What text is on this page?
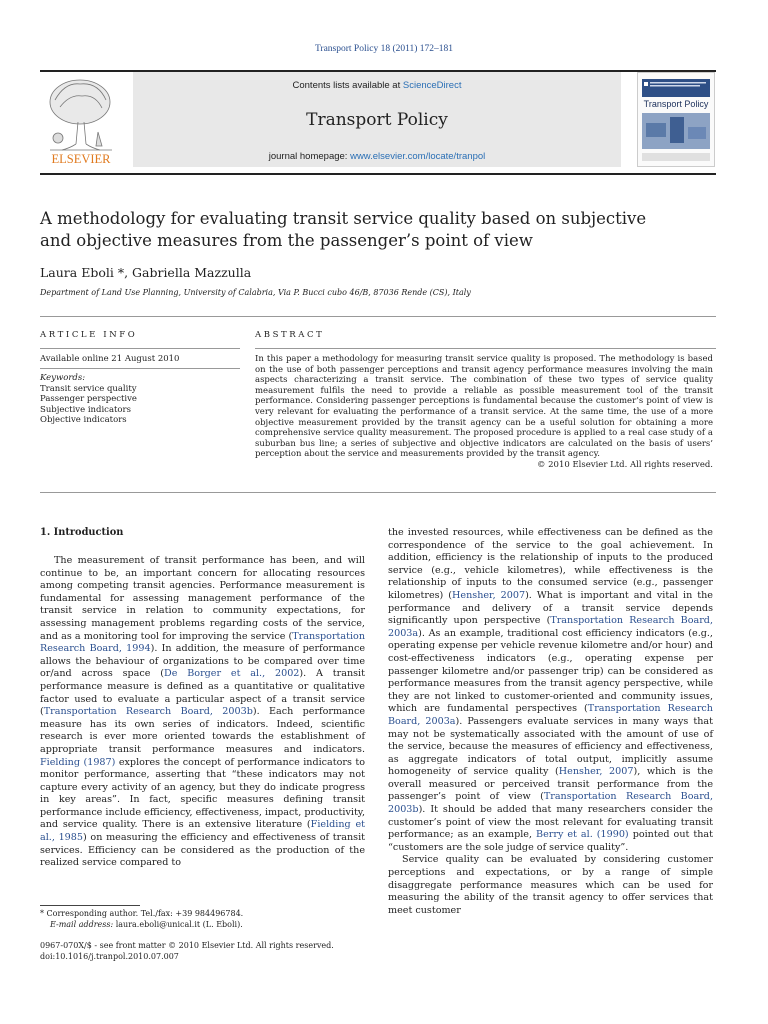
Transport Policy 18 (2011) 172–181
ELSEVIER
Contents lists available at ScienceDirect
Transport Policy
journal homepage: www.elsevier.com/locate/tranpol
Transport Policy
A methodology for evaluating transit service quality based on subjective
and objective measures from the passenger’s point of view
Laura Eboli *, Gabriella Mazzulla
Department of Land Use Planning, University of Calabria, Via P. Bucci cubo 46/B, 87036 Rende (CS), Italy
ARTICLE INFO
Available online 21 August 2010
Keywords:
Transit service quality
Passenger perspective
Subjective indicators
Objective indicators
ABSTRACT
In this paper a methodology for measuring transit service quality is proposed. The methodology is based on the use of both passenger perceptions and transit agency performance measures involving the main aspects characterizing a transit service. The combination of these two types of service quality measurement fulfils the need to provide a reliable as possible measurement tool of the transit performance. Considering passenger perceptions is fundamental because the customer’s point of view is very relevant for evaluating the performance of a transit service. At the same time, the use of a more objective measurement provided by the transit agency can be a useful solution for obtaining a more comprehensive service quality measurement. The proposed procedure is applied to a real case study of a suburban bus line; a series of subjective and objective indicators are calculated on the basis of users’ perception about the service and measurements provided by the transit agency.
© 2010 Elsevier Ltd. All rights reserved.
1. Introduction

The measurement of transit performance has been, and will continue to be, an important concern for allocating resources among competing transit agencies. Performance measurement is fundamental for assessing management performance of the transit service in relation to community expectations, for assessing management problems regarding costs of the service, and as a monitoring tool for improving the service (Transportation Research Board, 1994). In addition, the measure of performance allows the behaviour of organizations to be compared over time or/and across space (De Borger et al., 2002). A transit performance measure is defined as a quantitative or qualitative factor used to evaluate a particular aspect of a transit service (Transportation Research Board, 2003b). Each performance measure has its own series of indicators. Indeed, scientific research is ever more oriented towards the establishment of appropriate transit performance measures and indicators. Fielding (1987) explores the concept of performance indicators to monitor performance, asserting that “these indicators may not capture every activity of an agency, but they do indicate progress in key areas”. In fact, specific measures defining transit performance include efficiency, effectiveness, impact, productivity, and service quality. There is an extensive literature (Fielding et al., 1985) on measuring the efficiency and effectiveness of transit services. Efficiency can be considered as the production of the realized service compared to

the invested resources, while effectiveness can be defined as the correspondence of the service to the goal achievement. In addition, efficiency is the relationship of inputs to the produced service (e.g., vehicle kilometres), while effectiveness is the relationship of inputs to the consumed service (e.g., passenger kilometres) (Hensher, 2007). What is important and vital in the performance and delivery of a transit service depends significantly upon perspective (Transportation Research Board, 2003a). As an example, traditional cost efficiency indicators (e.g., operating expense per vehicle revenue kilometre and/or hour) and cost-effectiveness indicators (e.g., operating expense per passenger kilometre and/or passenger trip) can be considered as performance measures from the transit agency perspective, while they are not linked to customer-oriented and community issues, which are fundamental perspectives (Transportation Research Board, 2003a). Passengers evaluate services in many ways that may not be systematically associated with the amount of use of the service, because the measures of efficiency and effectiveness, as aggregate indicators of total output, implicitly assume homogeneity of service quality (Hensher, 2007), which is the overall measured or perceived transit performance from the passenger’s point of view (Transportation Research Board, 2003b). It should be added that many researchers consider the customer’s point of view the most relevant for evaluating transit performance; as an example, Berry et al. (1990) pointed out that “customers are the sole judge of service quality”.

Service quality can be evaluated by considering customer perceptions and expectations, or by a range of simple disaggregate performance measures which can be used for measuring the ability of the transit agency to offer services that meet customer

* Corresponding author. Tel./fax: +39 984496784.
E-mail address: laura.eboli@unical.it (L. Eboli).
0967-070X/$ - see front matter © 2010 Elsevier Ltd. All rights reserved.
doi:10.1016/j.tranpol.2010.07.007
